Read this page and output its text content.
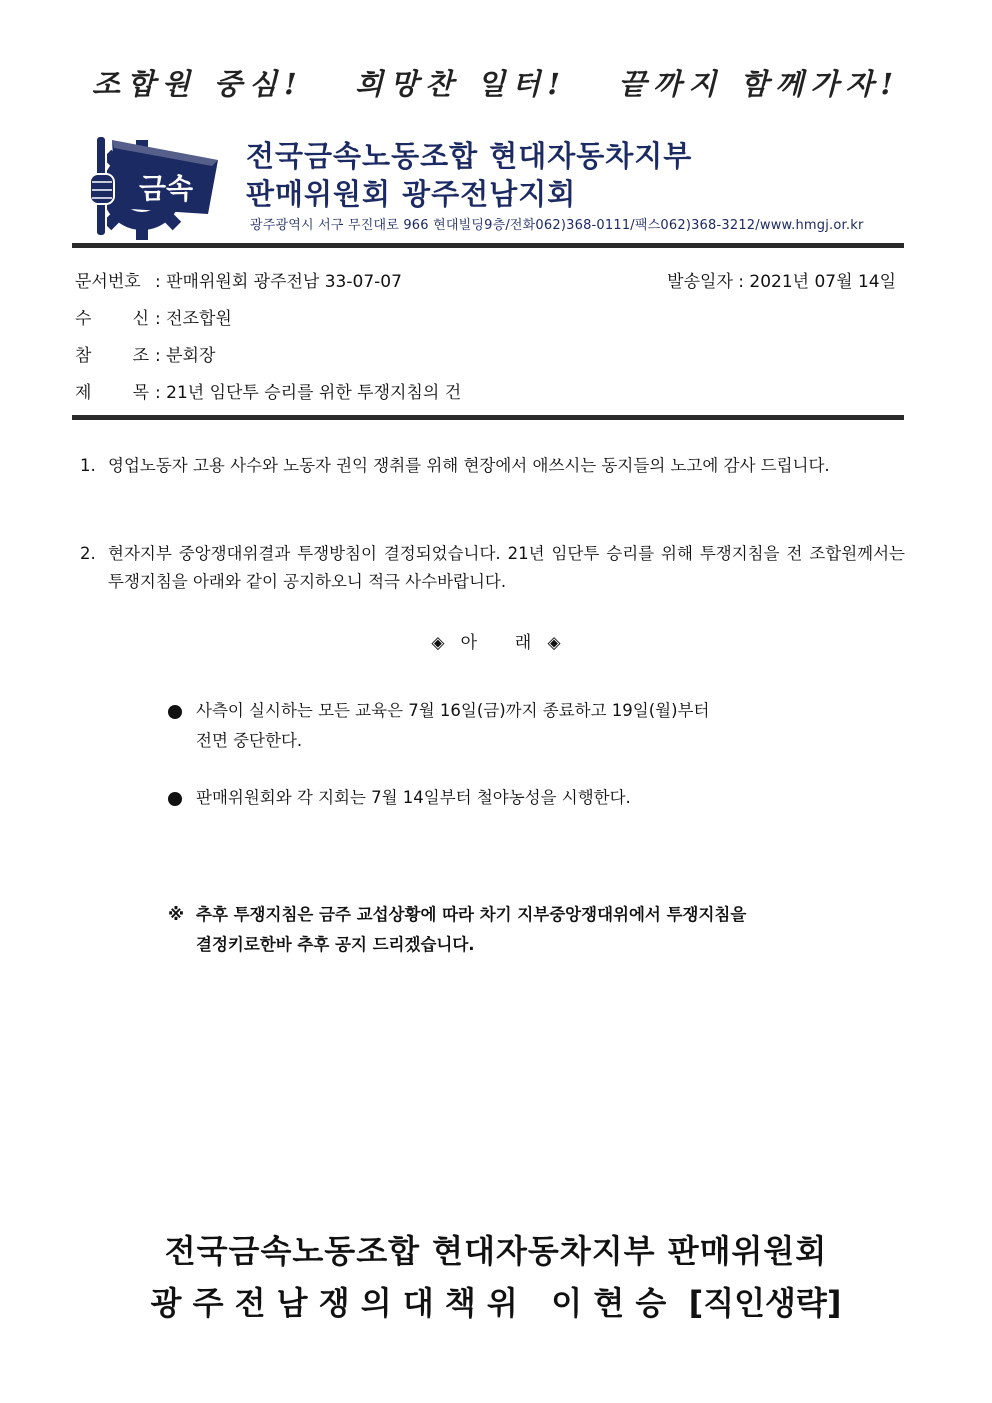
조합원 중심!   희망찬 일터!   끝까지 함께가자!
금속
전국금속노동조합 현대자동차지부
판매위원회 광주전남지회
광주광역시 서구 무진대로 966 현대빌딩9층/전화062)368-0111/팩스062)368-3212/www.hmgj.or.kr
문서번호 : 판매위원회 광주전남 33-07-07	발송일자 : 2021년 07월 14일
수 신 : 전조합원
참 조 : 분회장
제 목 : 21년 임단투 승리를 위한 투쟁지침의 건
1. 영업노동자 고용 사수와 노동자 권익 쟁취를 위해 현장에서 애쓰시는 동지들의 노고에 감사 드립니다.
2. 현자지부 중앙쟁대위결과 투쟁방침이 결정되었습니다. 21년 임단투 승리를 위해 투쟁지침을 전 조합원께서는 투쟁지침을 아래와 같이 공지하오니 적극 사수바랍니다.
◈   아       래   ◈
사측이 실시하는 모든 교육은 7월 16일(금)까지 종료하고 19일(월)부터
전면 중단한다.
판매위원회와 각 지회는 7월 14일부터 철야농성을 시행한다.
※ 추후 투쟁지침은 금주 교섭상황에 따라 차기 지부중앙쟁대위에서 투쟁지침을
결정키로한바 추후 공지 드리겠습니다.
전국금속노동조합 현대자동차지부 판매위원회
광 주 전 남 쟁 의 대 책 위   이 현 승  [직인생략]
